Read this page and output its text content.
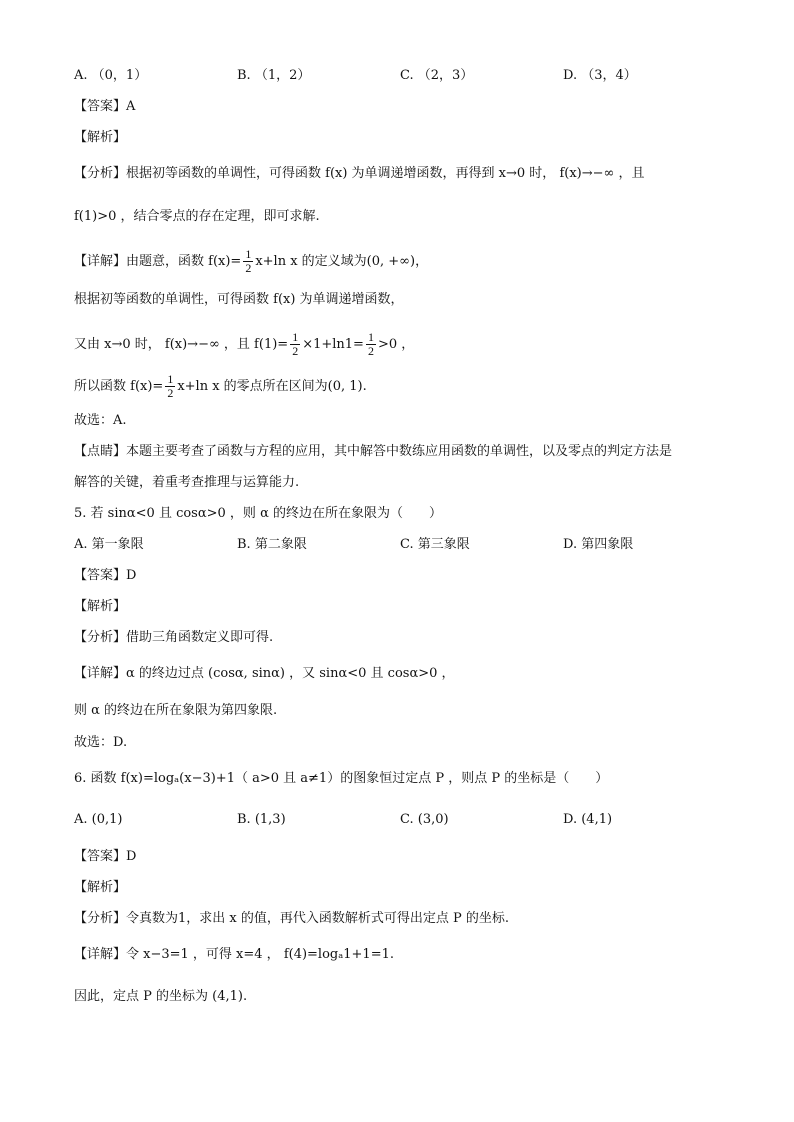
A. （0，1）	B. （1，2）	C. （2，3）	D. （3，4）
【答案】A
【解析】
【分析】根据初等函数的单调性，可得函数 f(x) 为单调递增函数，再得到 x→0 时， f(x)→−∞ ，且
f(1)>0 ，结合零点的存在定理，即可求解.
【详解】由题意，函数 $f(x)= \frac{1}{2} x+\ln$ x 的定义域为(0, +∞)，
根据初等函数的单调性，可得函数 f(x) 为单调递增函数，
又由 x→0 时， f(x)→−∞ ，且 $f(1)= \frac{1}{2} \times 1+\ln 1= \frac{1}{2} >0$ ，
所以函数 $f(x)= \frac{1}{2} x+\ln$ x 的零点所在区间为(0, 1).
故选：A.
【点睛】本题主要考查了函数与方程的应用，其中解答中数练应用函数的单调性，以及零点的判定方法是
解答的关键，着重考查推理与运算能力.
5. 若 sinα<0 且 cosα>0 ，则 α 的终边在所在象限为（　　）
A. 第一象限	B. 第二象限	C. 第三象限	D. 第四象限
【答案】D
【解析】
【分析】借助三角函数定义即可得.
【详解】α 的终边过点 (cosα, sinα) ，又 sinα<0 且 cosα>0 ，
则 α 的终边在所在象限为第四象限.
故选：D.
6. 函数 f(x)=logₐ(x−3)+1（ a>0 且 a≠1）的图象恒过定点 P ，则点 P 的坐标是（　　）
A. (0,1)	B. (1,3)	C. (3,0)	D. (4,1)
【答案】D
【解析】
【分析】令真数为1，求出 x 的值，再代入函数解析式可得出定点 P 的坐标.
【详解】令 x−3=1 ，可得 x=4 ， f(4)=logₐ1+1=1.
因此，定点 P 的坐标为 (4,1).
